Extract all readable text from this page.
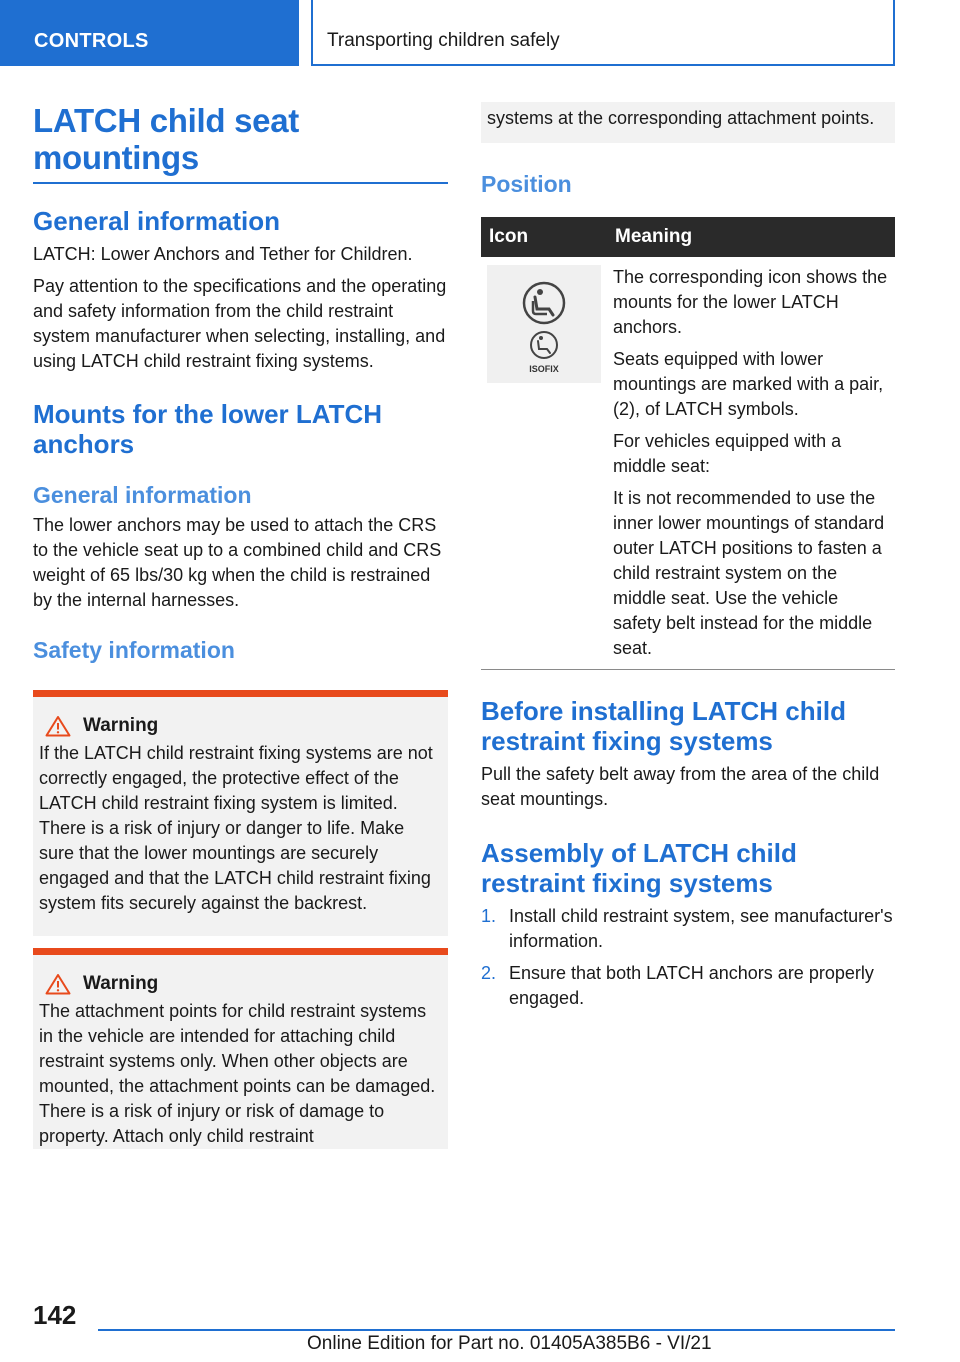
CONTROLS	Transporting children safely
LATCH child seat mountings
General information

LATCH: Lower Anchors and Tether for Children.

Pay attention to the specifications and the operating and safety information from the child restraint system manufacturer when selecting, installing, and using LATCH child restraint fixing systems.

Mounts for the lower LATCH anchors
General information

The lower anchors may be used to attach the CRS to the vehicle seat up to a combined child and CRS weight of 65 lbs/30 kg when the child is restrained by the internal harnesses.

Safety information
Warning

If the LATCH child restraint fixing systems are not correctly engaged, the protective effect of the LATCH child restraint fixing system is limited. There is a risk of injury or danger to life. Make sure that the lower mountings are securely engaged and that the LATCH child restraint fixing system fits securely against the backrest.

Warning

The attachment points for child restraint systems in the vehicle are intended for attaching child restraint systems only. When other objects are mounted, the attachment points can be damaged. There is a risk of injury or risk of damage to property. Attach only child restraint

systems at the corresponding attachment points.

Position
Icon	Meaning

ISOFIX	The corresponding icon shows the mounts for the lower LATCH anchors.

Seats equipped with lower mountings are marked with a pair, (2), of LATCH symbols.

For vehicles equipped with a middle seat:

It is not recommended to use the inner lower mountings of standard outer LATCH positions to fasten a child restraint system on the middle seat. Use the vehicle safety belt instead for the middle seat.

Before installing LATCH child restraint fixing systems

Pull the safety belt away from the area of the child seat mountings.

Assembly of LATCH child restraint fixing systems
1. Install child restraint system, see manufacturer's information.
2. Ensure that both LATCH anchors are properly engaged.
142
Online Edition for Part no. 01405A385B6 - VI/21
